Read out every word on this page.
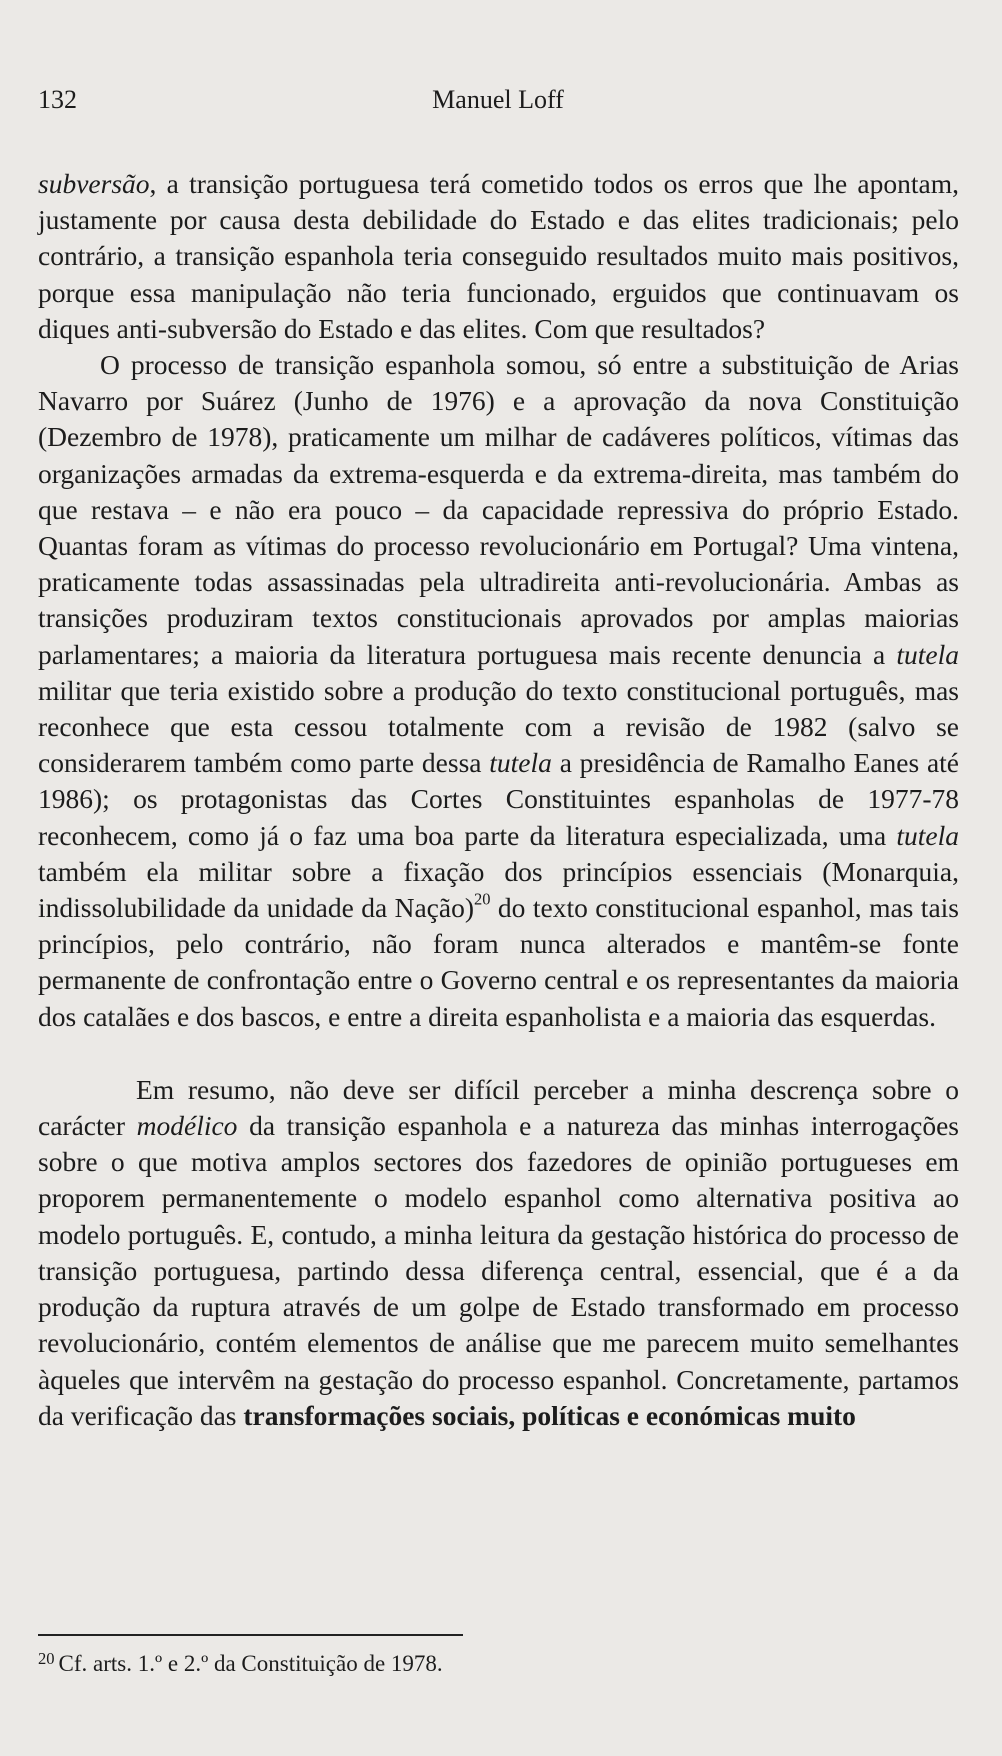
132	Manuel Loff

subversão, a transição portuguesa terá cometido todos os erros que lhe apontam, justamente por causa desta debilidade do Estado e das elites tradicionais; pelo contrário, a transição espanhola teria conseguido resultados muito mais positivos, porque essa manipulação não teria funcionado, erguidos que continuavam os diques anti-subversão do Estado e das elites. Com que resultados?

O processo de transição espanhola somou, só entre a substituição de Arias Navarro por Suárez (Junho de 1976) e a aprovação da nova Constituição (Dezembro de 1978), praticamente um milhar de cadáveres políticos, vítimas das organizações armadas da extrema-esquerda e da extrema-direita, mas também do que restava – e não era pouco – da capacidade repressiva do próprio Estado. Quantas foram as vítimas do processo revolucionário em Portugal? Uma vintena, praticamente todas assassinadas pela ultradireita anti-revolucionária. Ambas as transições produziram textos constitucionais aprovados por amplas maiorias parlamentares; a maioria da literatura portuguesa mais recente denuncia a tutela militar que teria existido sobre a produção do texto constitucional português, mas reconhece que esta cessou totalmente com a revisão de 1982 (salvo se considerarem também como parte dessa tutela a presidência de Ramalho Eanes até 1986); os protagonistas das Cortes Constituintes espanholas de 1977-78 reconhecem, como já o faz uma boa parte da literatura especializada, uma tutela também ela militar sobre a fixação dos princípios essenciais (Monarquia, indissolubilidade da unidade da Nação)$^{20}$ do texto constitucional espanhol, mas tais princípios, pelo contrário, não foram nunca alterados e mantêm-se fonte permanente de confrontação entre o Governo central e os representantes da maioria dos catalães e dos bascos, e entre a direita espanholista e a maioria das esquerdas.

Em resumo, não deve ser difícil perceber a minha descrença sobre o carácter modélico da transição espanhola e a natureza das minhas interrogações sobre o que motiva amplos sectores dos fazedores de opinião portugueses em proporem permanentemente o modelo espanhol como alternativa positiva ao modelo português. E, contudo, a minha leitura da gestação histórica do processo de transição portuguesa, partindo dessa diferença central, essencial, que é a da produção da ruptura através de um golpe de Estado transformado em processo revolucionário, contém elementos de análise que me parecem muito semelhantes àqueles que intervêm na gestação do processo espanhol. Concretamente, partamos da verificação das transformações sociais, políticas e económicas muito

$^{20}$ Cf. arts. 1.º e 2.º da Constituição de 1978.
